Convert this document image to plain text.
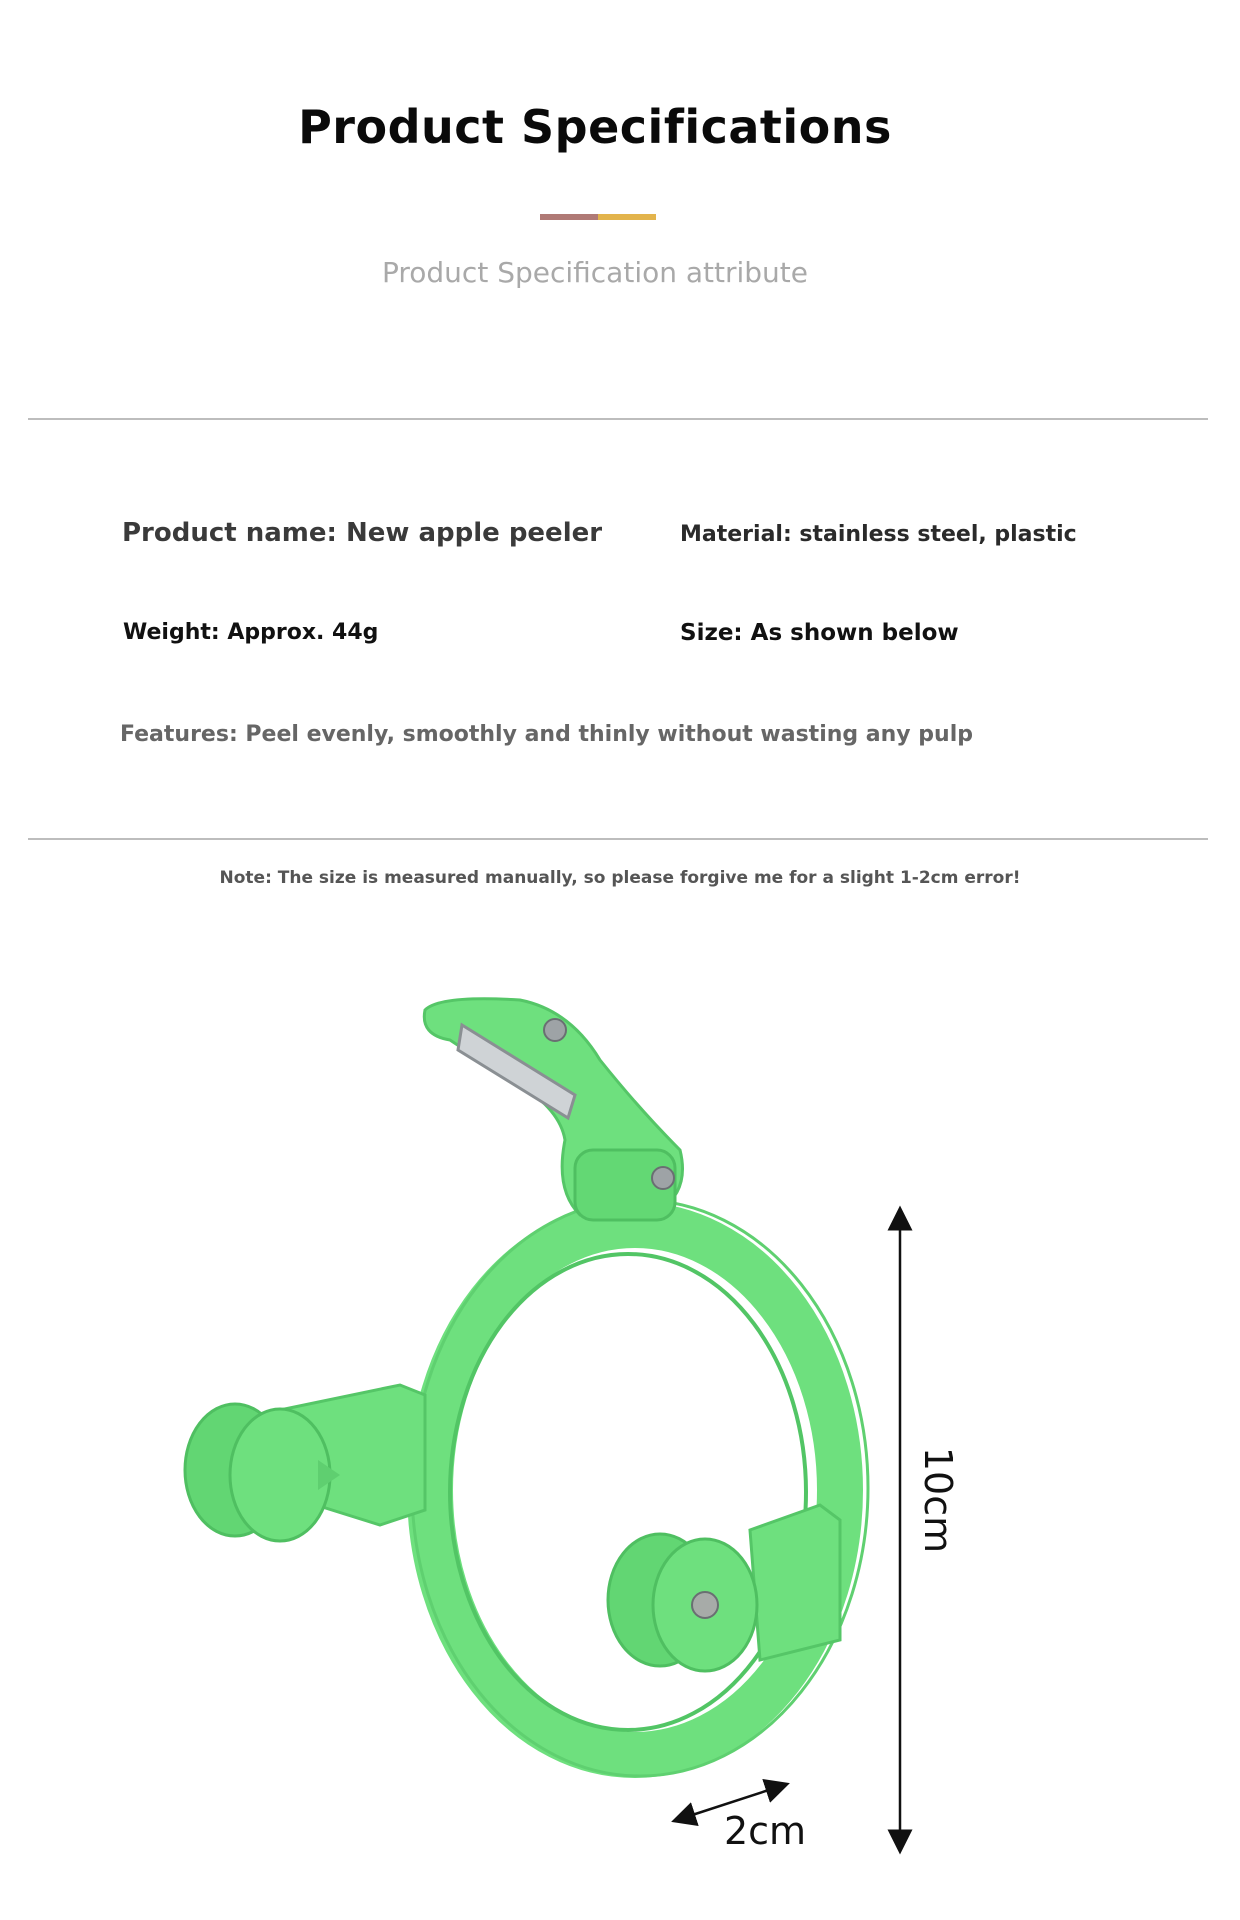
Product Specifications

Product Specification attribute

Product name: New apple peeler	Material: stainless steel, plastic

Weight: Approx. 44g	Size: As shown below

Features: Peel evenly, smoothly and thinly without wasting any pulp

Note: The size is measured manually, so please forgive me for a slight 1-2cm error!

10cm
2cm
